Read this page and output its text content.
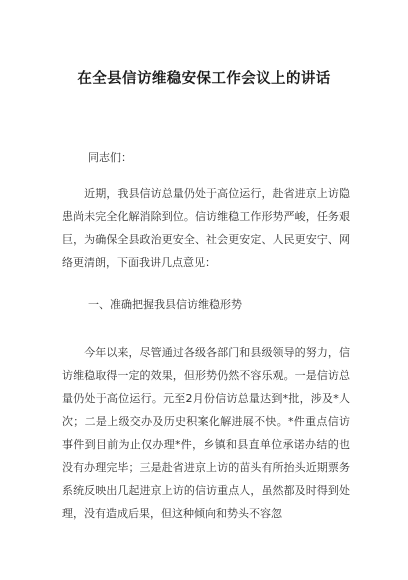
在全县信访维稳安保工作会议上的讲话
同志们：

　　近期，我县信访总量仍处于高位运行，赴省进京上访隐患尚未完全化解消除到位。信访维稳工作形势严峻，任务艰巨，为确保全县政治更安全、社会更安定、人民更安宁、网络更清朗，下面我讲几点意见：

一、准确把握我县信访维稳形势

　　今年以来，尽管通过各级各部门和县级领导的努力，信访维稳取得一定的效果，但形势仍然不容乐观。一是信访总量仍处于高位运行。元至2月份信访总量达到*批，涉及*人次；二是上级交办及历史积案化解进展不快。*件重点信访事件到目前为止仅办理*件，乡镇和县直单位承诺办结的也没有办理完毕；三是赴省进京上访的苗头有所抬头近期票务系统反映出几起进京上访的信访重点人，虽然都及时得到处理，没有造成后果，但这种倾向和势头不容忽
